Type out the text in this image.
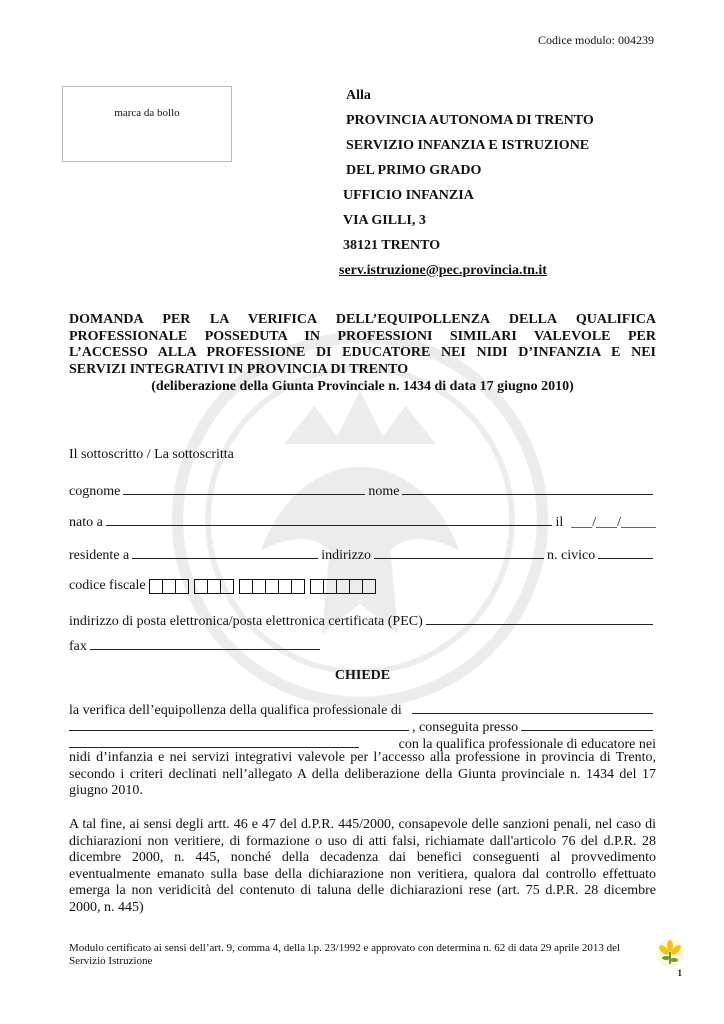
Codice modulo: 004239
marca da bollo
Alla
PROVINCIA AUTONOMA DI TRENTO
SERVIZIO INFANZIA E ISTRUZIONE
DEL PRIMO GRADO
UFFICIO INFANZIA
VIA GILLI, 3
38121 TRENTO
serv.istruzione@pec.provincia.tn.it
DOMANDA PER LA VERIFICA DELL’EQUIPOLLENZA DELLA QUALIFICA
PROFESSIONALE POSSEDUTA IN PROFESSIONI SIMILARI VALEVOLE PER
L’ACCESSO ALLA PROFESSIONE DI EDUCATORE NEI NIDI D’INFANZIA E NEI
SERVIZI INTEGRATIVI IN PROVINCIA DI TRENTO
(deliberazione della Giunta Provinciale n. 1434 di data 17 giugno 2010)
Il sottoscritto / La sottoscritta
cognome	nome
nato a	il ___/___/_____
residente a	indirizzo	n. civico
codice fiscale
indirizzo di posta elettronica/posta elettronica certificata (PEC)
fax
CHIEDE
la verifica dell’equipollenza della qualifica professionale di
, conseguita presso
con la qualifica professionale di educatore nei
nidi d’infanzia e nei servizi integrativi valevole per l’accesso alla professione in provincia di Trento, secondo i criteri declinati nell’allegato A della deliberazione della Giunta provinciale n. 1434 del 17 giugno 2010.
A tal fine, ai sensi degli artt. 46 e 47 del d.P.R. 445/2000, consapevole delle sanzioni penali, nel caso di dichiarazioni non veritiere, di formazione o uso di atti falsi, richiamate dall'articolo 76 del d.P.R. 28 dicembre 2000, n. 445, nonché della decadenza dai benefici conseguenti al provvedimento eventualmente emanato sulla base della dichiarazione non veritiera, qualora dal controllo effettuato emerga la non veridicità del contenuto di taluna delle dichiarazioni rese (art. 75 d.P.R. 28 dicembre 2000, n. 445)
Modulo certificato ai sensi dell’art. 9, comma 4, della l.p. 23/1992 e approvato con determina n. 62 di data 29 aprile 2013 del Servizio Istruzione
1
